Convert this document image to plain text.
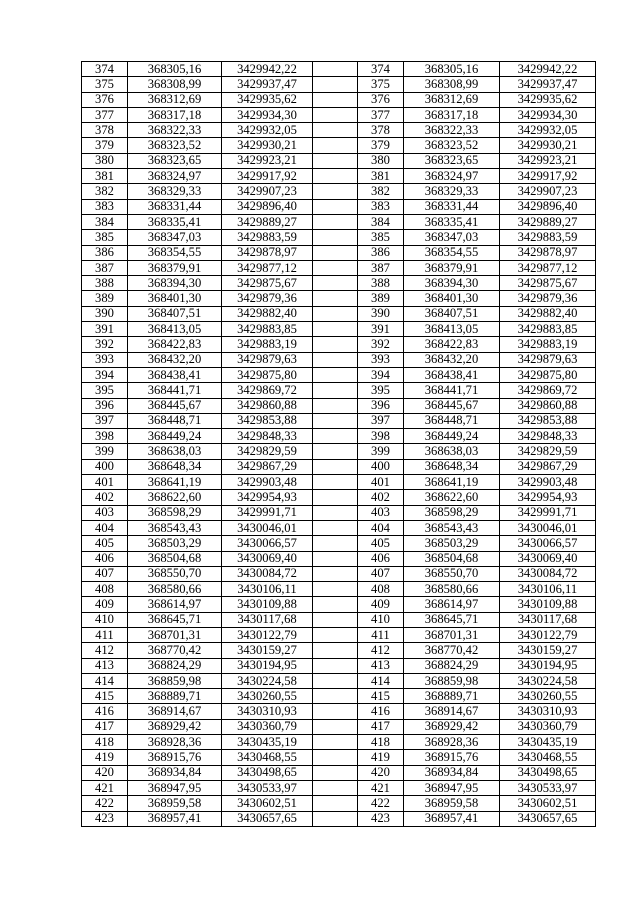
374	368305,16	3429942,22		374	368305,16	3429942,22
375	368308,99	3429937,47		375	368308,99	3429937,47
376	368312,69	3429935,62		376	368312,69	3429935,62
377	368317,18	3429934,30		377	368317,18	3429934,30
378	368322,33	3429932,05		378	368322,33	3429932,05
379	368323,52	3429930,21		379	368323,52	3429930,21
380	368323,65	3429923,21		380	368323,65	3429923,21
381	368324,97	3429917,92		381	368324,97	3429917,92
382	368329,33	3429907,23		382	368329,33	3429907,23
383	368331,44	3429896,40		383	368331,44	3429896,40
384	368335,41	3429889,27		384	368335,41	3429889,27
385	368347,03	3429883,59		385	368347,03	3429883,59
386	368354,55	3429878,97		386	368354,55	3429878,97
387	368379,91	3429877,12		387	368379,91	3429877,12
388	368394,30	3429875,67		388	368394,30	3429875,67
389	368401,30	3429879,36		389	368401,30	3429879,36
390	368407,51	3429882,40		390	368407,51	3429882,40
391	368413,05	3429883,85		391	368413,05	3429883,85
392	368422,83	3429883,19		392	368422,83	3429883,19
393	368432,20	3429879,63		393	368432,20	3429879,63
394	368438,41	3429875,80		394	368438,41	3429875,80
395	368441,71	3429869,72		395	368441,71	3429869,72
396	368445,67	3429860,88		396	368445,67	3429860,88
397	368448,71	3429853,88		397	368448,71	3429853,88
398	368449,24	3429848,33		398	368449,24	3429848,33
399	368638,03	3429829,59		399	368638,03	3429829,59
400	368648,34	3429867,29		400	368648,34	3429867,29
401	368641,19	3429903,48		401	368641,19	3429903,48
402	368622,60	3429954,93		402	368622,60	3429954,93
403	368598,29	3429991,71		403	368598,29	3429991,71
404	368543,43	3430046,01		404	368543,43	3430046,01
405	368503,29	3430066,57		405	368503,29	3430066,57
406	368504,68	3430069,40		406	368504,68	3430069,40
407	368550,70	3430084,72		407	368550,70	3430084,72
408	368580,66	3430106,11		408	368580,66	3430106,11
409	368614,97	3430109,88		409	368614,97	3430109,88
410	368645,71	3430117,68		410	368645,71	3430117,68
411	368701,31	3430122,79		411	368701,31	3430122,79
412	368770,42	3430159,27		412	368770,42	3430159,27
413	368824,29	3430194,95		413	368824,29	3430194,95
414	368859,98	3430224,58		414	368859,98	3430224,58
415	368889,71	3430260,55		415	368889,71	3430260,55
416	368914,67	3430310,93		416	368914,67	3430310,93
417	368929,42	3430360,79		417	368929,42	3430360,79
418	368928,36	3430435,19		418	368928,36	3430435,19
419	368915,76	3430468,55		419	368915,76	3430468,55
420	368934,84	3430498,65		420	368934,84	3430498,65
421	368947,95	3430533,97		421	368947,95	3430533,97
422	368959,58	3430602,51		422	368959,58	3430602,51
423	368957,41	3430657,65		423	368957,41	3430657,65
